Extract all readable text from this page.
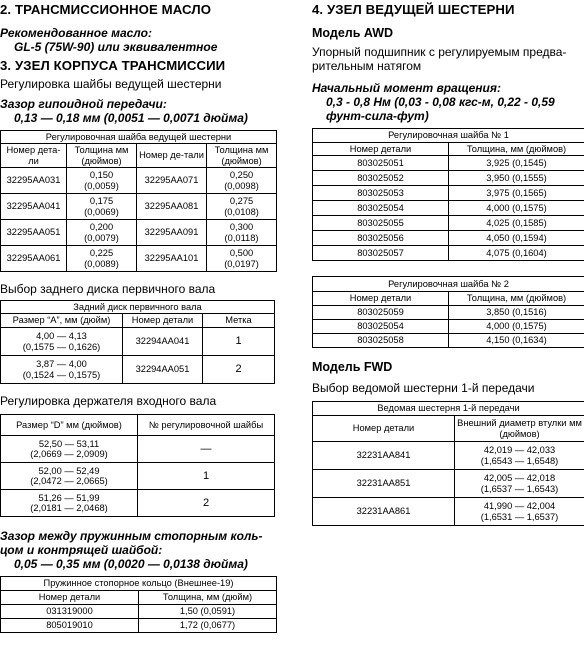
2. ТРАНСМИССИОННОЕ МАСЛО

Рекомендованное масло:

GL-5 (75W-90) или эквивалентное

3. УЗЕЛ КОРПУСА ТРАНСМИССИИ

Регулировка шайбы ведущей шестерни

Зазор гипоидной передачи:

0,13 — 0,18 мм (0,0051 — 0,0071 дюйма)

Регулировочная шайба ведущей шестерни			
Номер дета-ли	Толщина мм (дюймов)	Номер де-тали	Толщина мм (дюймов)
32295AA031	0,150
(0,0059)	32295AA071	0,250
(0,0098)

32295AA041	0,175
(0,0069)	32295AA081	0,275
(0,0108)

32295AA051	0,200
(0,0079)	32295AA091	0,300
(0,0118)

32295AA061	0,225
(0,0089)	32295AA101	0,500
(0,0197)

Выбор заднего диска первичного вала

Задний диск первичного вала		
Размер “A”, мм (дюйм)	Номер детали	Метка

4,00 — 4,13
(0,1575 — 0,1626)	32294AA041	1

3,87 — 4,00
(0,1524 — 0,1575)	32294AA051	2

Регулировка держателя входного вала

Размер “D” мм (дюймов)	№ регулировочной шайбы

52,50 — 53,11
(2,0669 — 2,0909)	—

52,00 — 52,49
(2,0472 — 2,0665)	1

51,26 — 51,99
(2,0181 — 2,0468)	2

Зазор между пружинным стопорным коль-

цом и контрящей шайбой:

0,05 — 0,35 мм (0,0020 — 0,0138 дюйма)

Пружинное стопорное кольцо (Внешнее-19)	
Номер детали	Толщина, мм (дюйм)
031319000	1,50 (0,0591)
805019010	1,72 (0,0677)
4. УЗЕЛ ВЕДУЩЕЙ ШЕСТЕРНИ

Модель AWD

Упорный подшипник с регулируемым предва-

рительным натягом

Начальный момент вращения:

0,3 - 0,8 Нм (0,03 - 0,08 кгс-м, 0,22 - 0,59

фунт-сила-фут)

Регулировочная шайба № 1	
Номер детали	Толщина, мм (дюймов)
803025051	3,925 (0,1545)
803025052	3,950 (0,1555)
803025053	3,975 (0,1565)
803025054	4,000 (0,1575)
803025055	4,025 (0,1585)
803025056	4,050 (0,1594)
803025057	4,075 (0,1604)
Регулировочная шайба № 2	
Номер детали	Толщина, мм (дюймов)
803025059	3,850 (0,1516)
803025054	4,000 (0,1575)
803025058	4,150 (0,1634)

Модель FWD

Выбор ведомой шестерни 1-й передачи

Ведомая шестерня 1-й передачи	
Номер детали	Внешний диаметр втулки мм (дюймов)
32231AA841	42,019 — 42,033
(1,6543 — 1,6548)

32231AA851	42,005 — 42,018
(1,6537 — 1,6543)

32231AA861	41,990 — 42,004
(1,6531 — 1,6537)
